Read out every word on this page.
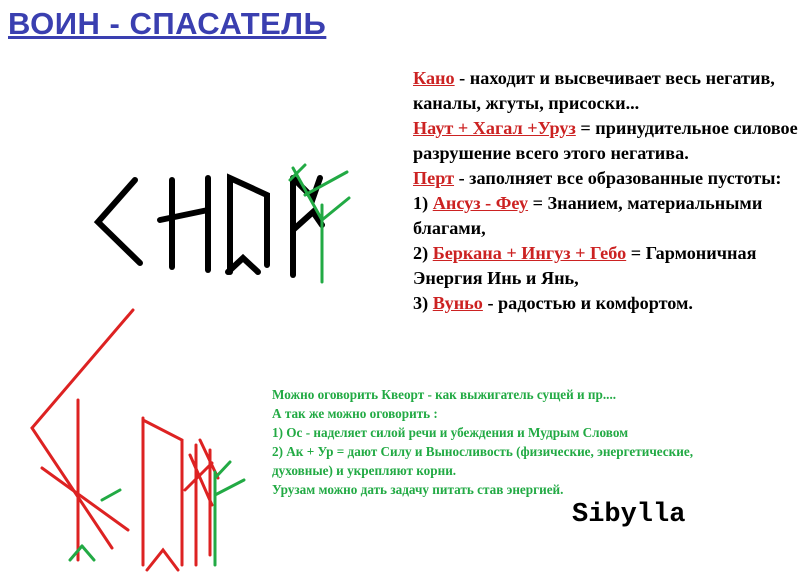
ВОИН - СПАСАТЕЛЬ

Кано - находит и высвечивает весь негатив, каналы, жгуты, присоски...

Наут + Хагал +Уруз = принудительное силовое разрушение всего этого негатива.

Перт - заполняет все образованные пустоты:

1) Ансуз - Феу = Знанием, материальными благами,

2) Беркана + Ингуз + Гебо = Гармоничная Энергия Инь и Янь,

3) Вуньо - радостью и комфортом.

Можно оговорить Квеорт - как выжигатель сущей и пр....

А так же можно оговорить :

1) Ос - наделяет силой речи и убеждения и Мудрым Словом

2) Ак + Ур = дают Силу и Выносливость (физические, энергетические,

духовные) и укрепляют корни.

Урузам можно дать задачу питать став энергией.

Sibylla
